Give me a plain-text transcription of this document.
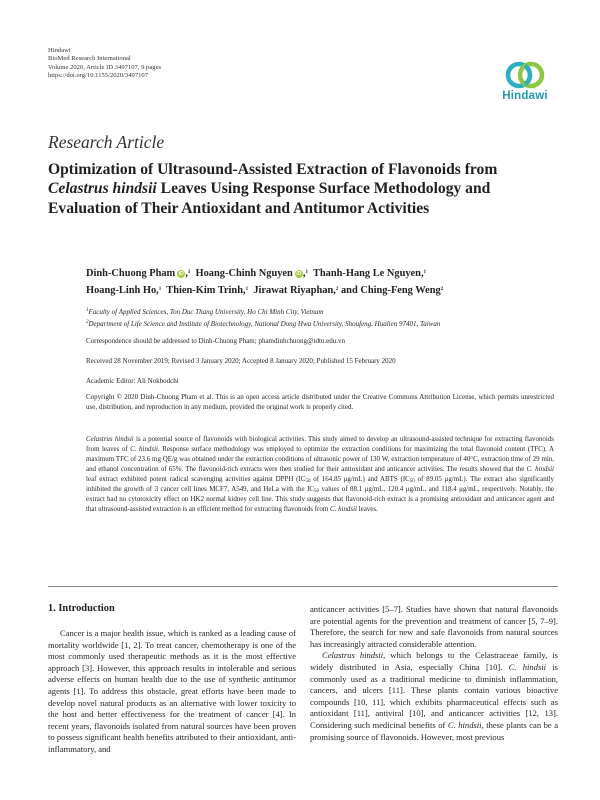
Hindawi
BioMed Research International
Volume 2020, Article ID 3497107, 9 pages
https://doi.org/10.1155/2020/3497107
Hindawi
Research Article
Optimization of Ultrasound-Assisted Extraction of Flavonoids from Celastrus hindsii Leaves Using Response Surface Methodology and Evaluation of Their Antioxidant and Antitumor Activities
Dinh-Chuong Pham iD ,$^1$ Hoang-Chinh Nguyen iD ,$^1$ Thanh-Hang Le Nguyen,$^1$
Hoang-Linh Ho,$^1$ Thien-Kim Trinh,$^1$ Jirawat Riyaphan,$^2$ and Ching-Feng Weng$^2$
$^1$Faculty of Applied Sciences, Ton Duc Thang University, Ho Chi Minh City, Vietnam
$^2$Department of Life Science and Institute of Biotechnology, National Dong Hwa University, Shoufeng, Hualien 97401, Taiwan
Correspondence should be addressed to Dinh-Chuong Pham; phamdinhchuong@tdtu.edu.vn
Received 28 November 2019; Revised 3 January 2020; Accepted 8 January 2020; Published 15 February 2020
Academic Editor: Ali Nokhodchi
Copyright © 2020 Dinh-Chuong Pham et al. This is an open access article distributed under the Creative Commons Attribution License, which permits unrestricted use, distribution, and reproduction in any medium, provided the original work is properly cited.
Celastrus hindsii is a potential source of flavonoids with biological activities. This study aimed to develop an ultrasound-assisted technique for extracting flavonoids from leaves of C. hindsii. Response surface methodology was employed to optimize the extraction conditions for maximizing the total flavonoid content (TFC). A maximum TFC of 23.6 mg QE/g was obtained under the extraction conditions of ultrasonic power of 130 W, extraction temperature of 40°C, extraction time of 29 min, and ethanol concentration of 65%. The flavonoid-rich extracts were then studied for their antioxidant and anticancer activities. The results showed that the C. hindsii leaf extract exhibited potent radical scavenging activities against DPPH ($IC_{50}$ of 164.85 μg/mL) and ABTS ($IC_{50}$ of 89.05 μg/mL). The extract also significantly inhibited the growth of 3 cancer cell lines MCF7, A549, and HeLa with the $IC_{50}$ values of 88.1 μg/mL, 120.4 μg/mL, and 118.4 μg/mL, respectively. Notably, the extract had no cytotoxicity effect on HK2 normal kidney cell line. This study suggests that flavonoid-rich extract is a promising antioxidant and anticancer agent and that ultrasound-assisted extraction is an efficient method for extracting flavonoids from C. hindsii leaves.
1. Introduction

Cancer is a major health issue, which is ranked as a leading cause of mortality worldwide [1, 2]. To treat cancer, chemotherapy is one of the most commonly used therapeutic methods as it is the most effective approach [3]. However, this approach results in intolerable and serious adverse effects on human health due to the use of synthetic antitumor agents [1]. To address this obstacle, great efforts have been made to develop novel natural products as an alternative with lower toxicity to the host and better effectiveness for the treatment of cancer [4]. In recent years, flavonoids isolated from natural sources have been proven to possess significant health benefits attributed to their antioxidant, anti-inflammatory, and

anticancer activities [5–7]. Studies have shown that natural flavonoids are potential agents for the prevention and treatment of cancer [5, 7–9]. Therefore, the search for new and safe flavonoids from natural sources has increasingly attracted considerable attention.

Celastrus hindsii, which belongs to the Celastraceae family, is widely distributed in Asia, especially China [10]. C. hindsii is commonly used as a traditional medicine to diminish inflammation, cancers, and ulcers [11]. These plants contain various bioactive compounds [10, 11], which exhibits pharmaceutical effects such as antioxidant [11], antiviral [10], and anticancer activities [12, 13]. Considering such medicinal benefits of C. hindsii, these plants can be a promising source of flavonoids. However, most previous
